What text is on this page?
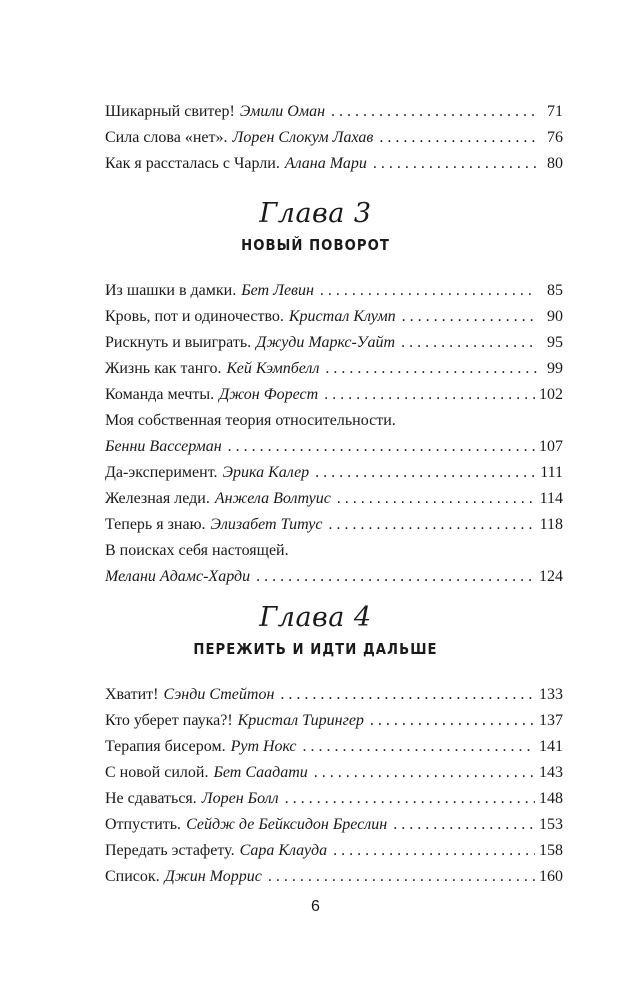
Шикарный свитер! Эмили Оман . . .	71
Сила слова «нет». Лорен Слокум Лахав . . .	76
Как я рассталась с Чарли. Алана Мари . . .	80
Глава 3
НОВЫЙ ПОВОРОТ
Из шашки в дамки. Бет Левин . . .	85
Кровь, пот и одиночество. Кристал Клумп . . .	90
Рискнуть и выиграть. Джуди Маркс-Уайт . . .	95
Жизнь как танго. Кей Кэмпбелл . . .	99
Команда мечты. Джон Форест . . .	102
Моя собственная теория относительности.
Бенни Вассерман . . .	107
Да-эксперимент. Эрика Калер . . .	111
Железная леди. Анжела Волтуис . . .	114
Теперь я знаю. Элизабет Титус . . .	118
В поисках себя настоящей.
Мелани Адамс-Харди . . .	124
Глава 4
ПЕРЕЖИТЬ И ИДТИ ДАЛЬШЕ
Хватит! Сэнди Стейтон . . .	133
Кто уберет паука?! Кристал Тирингер . . .	137
Терапия бисером. Рут Нокс . . .	141
С новой силой. Бет Саадати . . .	143
Не сдаваться. Лорен Болл . . .	148
Отпустить. Сейдж де Бейксидон Бреслин . . .	153
Передать эстафету. Сара Клауда . . .	158
Список. Джин Моррис . . .	160
6
